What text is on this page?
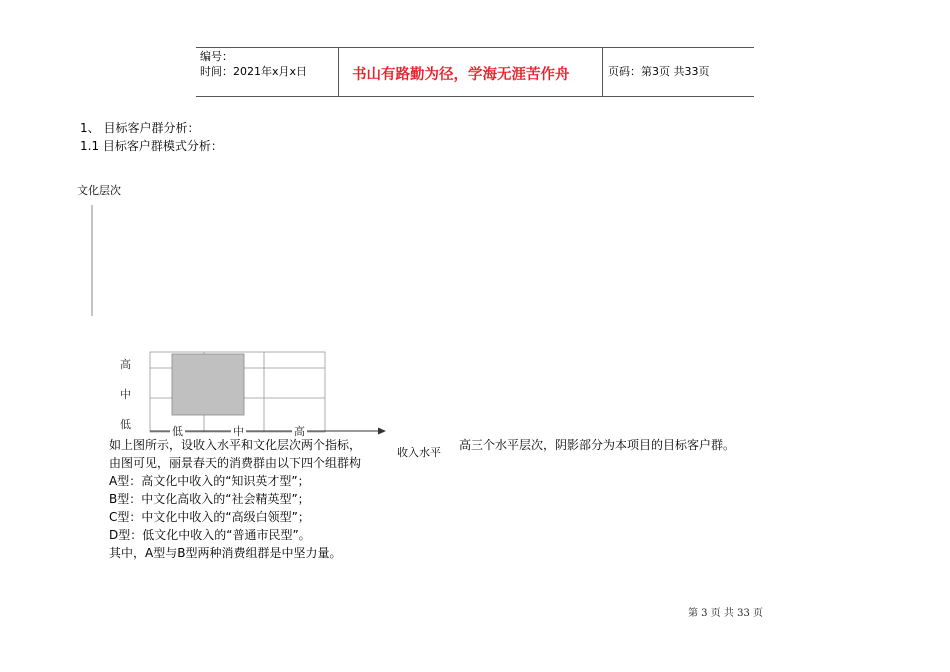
编号：
时间：2021年x月x日	书山有路勤为径，学海无涯苦作舟	页码：第3页 共33页
1、 目标客户群分析：
1.1 目标客户群模式分析：
文化层次
高
中
低
低	中	高
收入水平
如上图所示，设收入水平和文化层次两个指标，	高三个水平层次，阴影部分为本项目的目标客户群。
由图可见，丽景春天的消费群由以下四个组群构
A型：高文化中收入的“知识英才型”；
B型：中文化高收入的“社会精英型”；
C型：中文化中收入的“高级白领型”；
D型：低文化中收入的“普通市民型”。
其中，A型与B型两种消费组群是中坚力量。
第 3 页 共 33 页
